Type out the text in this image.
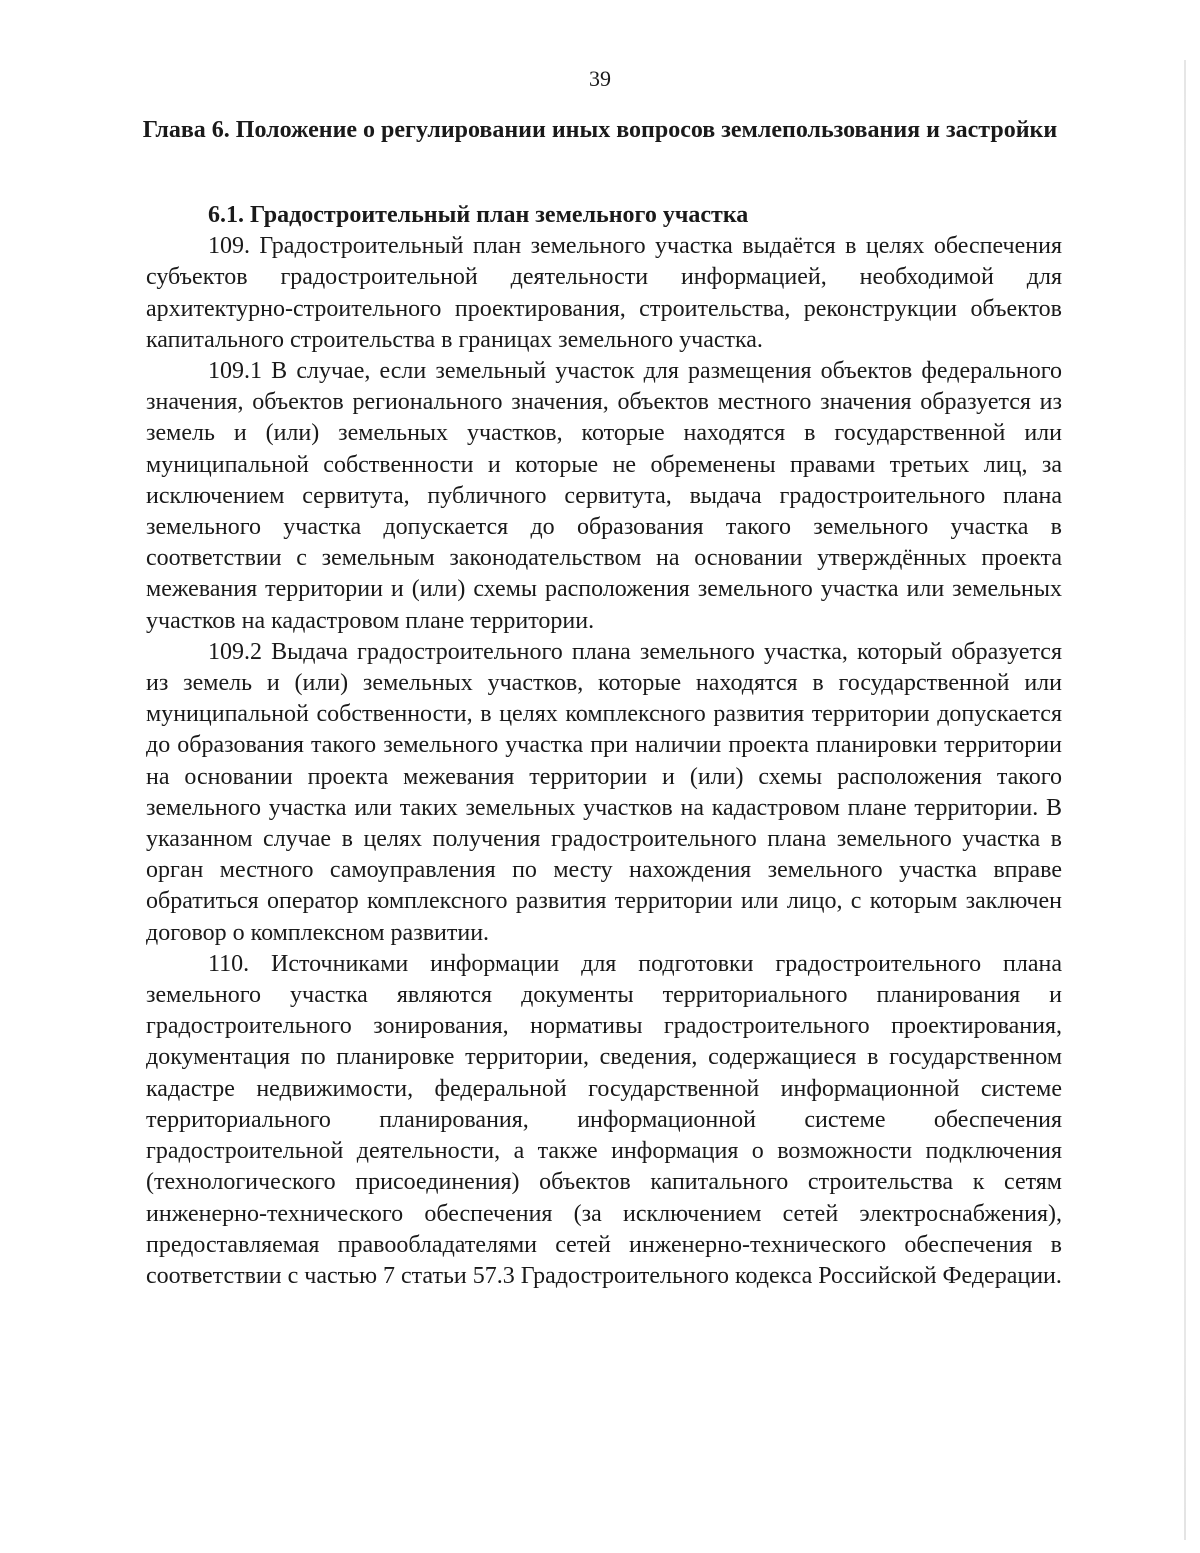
39
Глава 6. Положение о регулировании иных вопросов землепользования и застройки

6.1. Градостроительный план земельного участка

109. Градостроительный план земельного участка выдаётся в целях обеспечения субъектов градостроительной деятельности информацией, необходимой для архитектурно-строительного проектирования, строительства, реконструкции объектов капитального строительства в границах земельного участка.

109.1 В случае, если земельный участок для размещения объектов федерального значения, объектов регионального значения, объектов местного значения образуется из земель и (или) земельных участков, которые находятся в государственной или муниципальной собственности и которые не обременены правами третьих лиц, за исключением сервитута, публичного сервитута, выдача градостроительного плана земельного участка допускается до образования такого земельного участка в соответствии с земельным законодательством на основании утверждённых проекта межевания территории и (или) схемы расположения земельного участка или земельных участков на кадастровом плане территории.

109.2 Выдача градостроительного плана земельного участка, который образуется из земель и (или) земельных участков, которые находятся в государственной или муниципальной собственности, в целях комплексного развития территории допускается до образования такого земельного участка при наличии проекта планировки территории на основании проекта межевания территории и (или) схемы расположения такого земельного участка или таких земельных участков на кадастровом плане территории. В указанном случае в целях получения градостроительного плана земельного участка в орган местного самоуправления по месту нахождения земельного участка вправе обратиться оператор комплексного развития территории или лицо, с которым заключен договор о комплексном развитии.

110. Источниками информации для подготовки градостроительного плана земельного участка являются документы территориального планирования и градостроительного зонирования, нормативы градостроительного проектирования, документация по планировке территории, сведения, содержащиеся в государственном кадастре недвижимости, федеральной государственной информационной системе территориального планирования, информационной системе обеспечения градостроительной деятельности, а также информация о возможности подключения (технологического присоединения) объектов капитального строительства к сетям инженерно-технического обеспечения (за исключением сетей электроснабжения), предоставляемая правообладателями сетей инженерно-технического обеспечения в соответствии с частью 7 статьи 57.3 Градостроительного кодекса Российской Федерации.
